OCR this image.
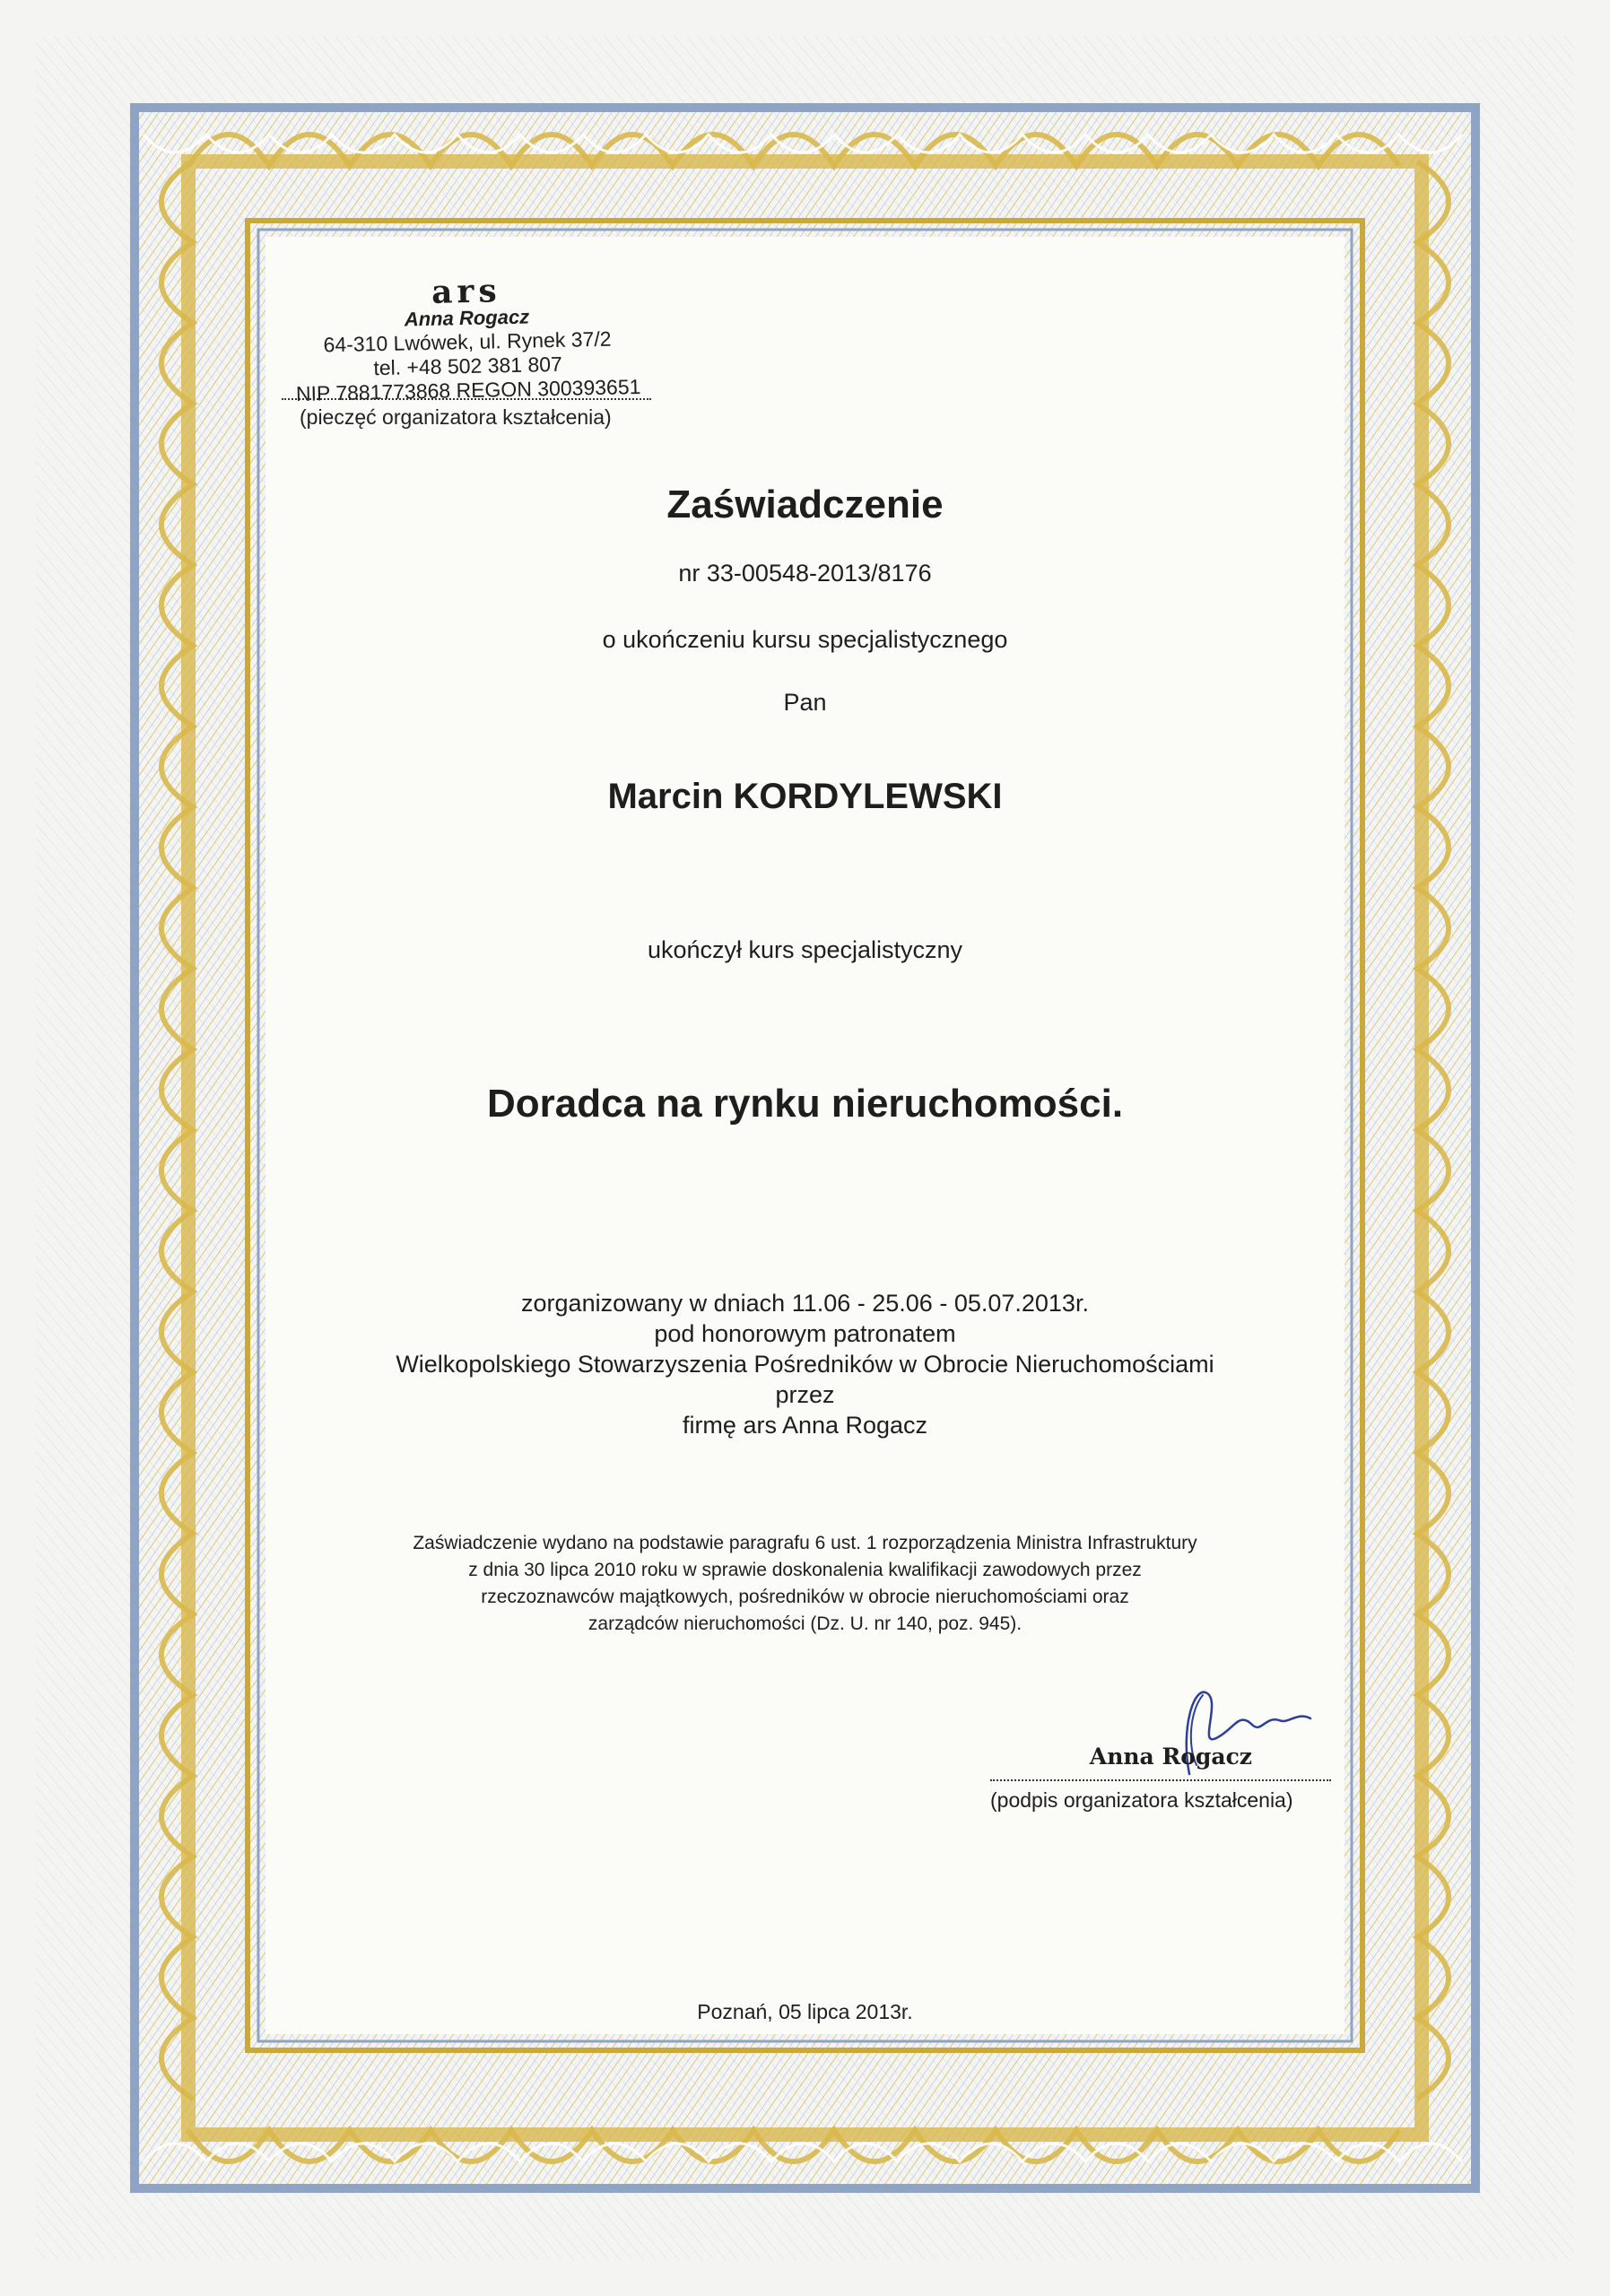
ars
Anna Rogacz
64-310 Lwówek, ul. Rynek 37/2
tel. +48 502 381 807
NIP 7881773868 REGON 300393651
(pieczęć organizatora kształcenia)
Zaświadczenie
nr 33-00548-2013/8176
o ukończeniu kursu specjalistycznego
Pan
Marcin KORDYLEWSKI
ukończył kurs specjalistyczny
Doradca na rynku nieruchomości.
zorganizowany w dniach 11.06 - 25.06 - 05.07.2013r.
pod honorowym patronatem
Wielkopolskiego Stowarzyszenia Pośredników w Obrocie Nieruchomościami
przez
firmę ars Anna Rogacz
Zaświadczenie wydano na podstawie paragrafu 6 ust. 1 rozporządzenia Ministra Infrastruktury
z dnia 30 lipca 2010 roku w sprawie doskonalenia kwalifikacji zawodowych przez
rzeczoznawców majątkowych, pośredników w obrocie nieruchomościami oraz
zarządców nieruchomości (Dz. U. nr 140, poz. 945).
Anna Rogacz
(podpis organizatora kształcenia)
Poznań, 05 lipca 2013r.
